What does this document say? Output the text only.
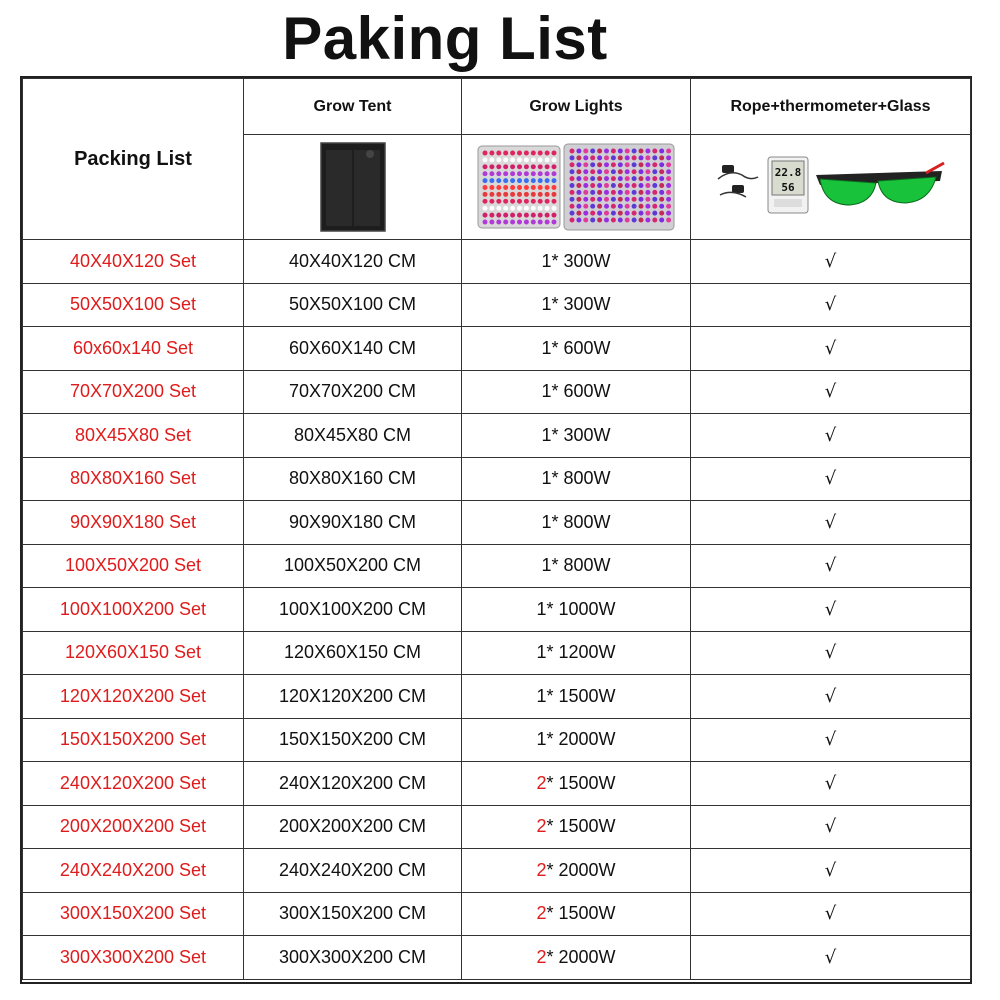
Paking List
Packing List	Grow Tent	Grow Lights	Rope+thermometer+Glass

22.8
56

40X40X120 Set	40X40X120 CM	1* 300W	√
50X50X100 Set	50X50X100 CM	1* 300W	√
60x60x140 Set	60X60X140 CM	1* 600W	√
70X70X200 Set	70X70X200 CM	1* 600W	√
80X45X80 Set	80X45X80 CM	1* 300W	√
80X80X160 Set	80X80X160 CM	1* 800W	√
90X90X180 Set	90X90X180 CM	1* 800W	√
100X50X200 Set	100X50X200 CM	1* 800W	√
100X100X200 Set	100X100X200 CM	1* 1000W	√
120X60X150 Set	120X60X150 CM	1* 1200W	√
120X120X200 Set	120X120X200 CM	1* 1500W	√
150X150X200 Set	150X150X200 CM	1* 2000W	√
240X120X200 Set	240X120X200 CM	2* 1500W	√
200X200X200 Set	200X200X200 CM	2* 1500W	√
240X240X200 Set	240X240X200 CM	2* 2000W	√
300X150X200 Set	300X150X200 CM	2* 1500W	√
300X300X200 Set	300X300X200 CM	2* 2000W	√
